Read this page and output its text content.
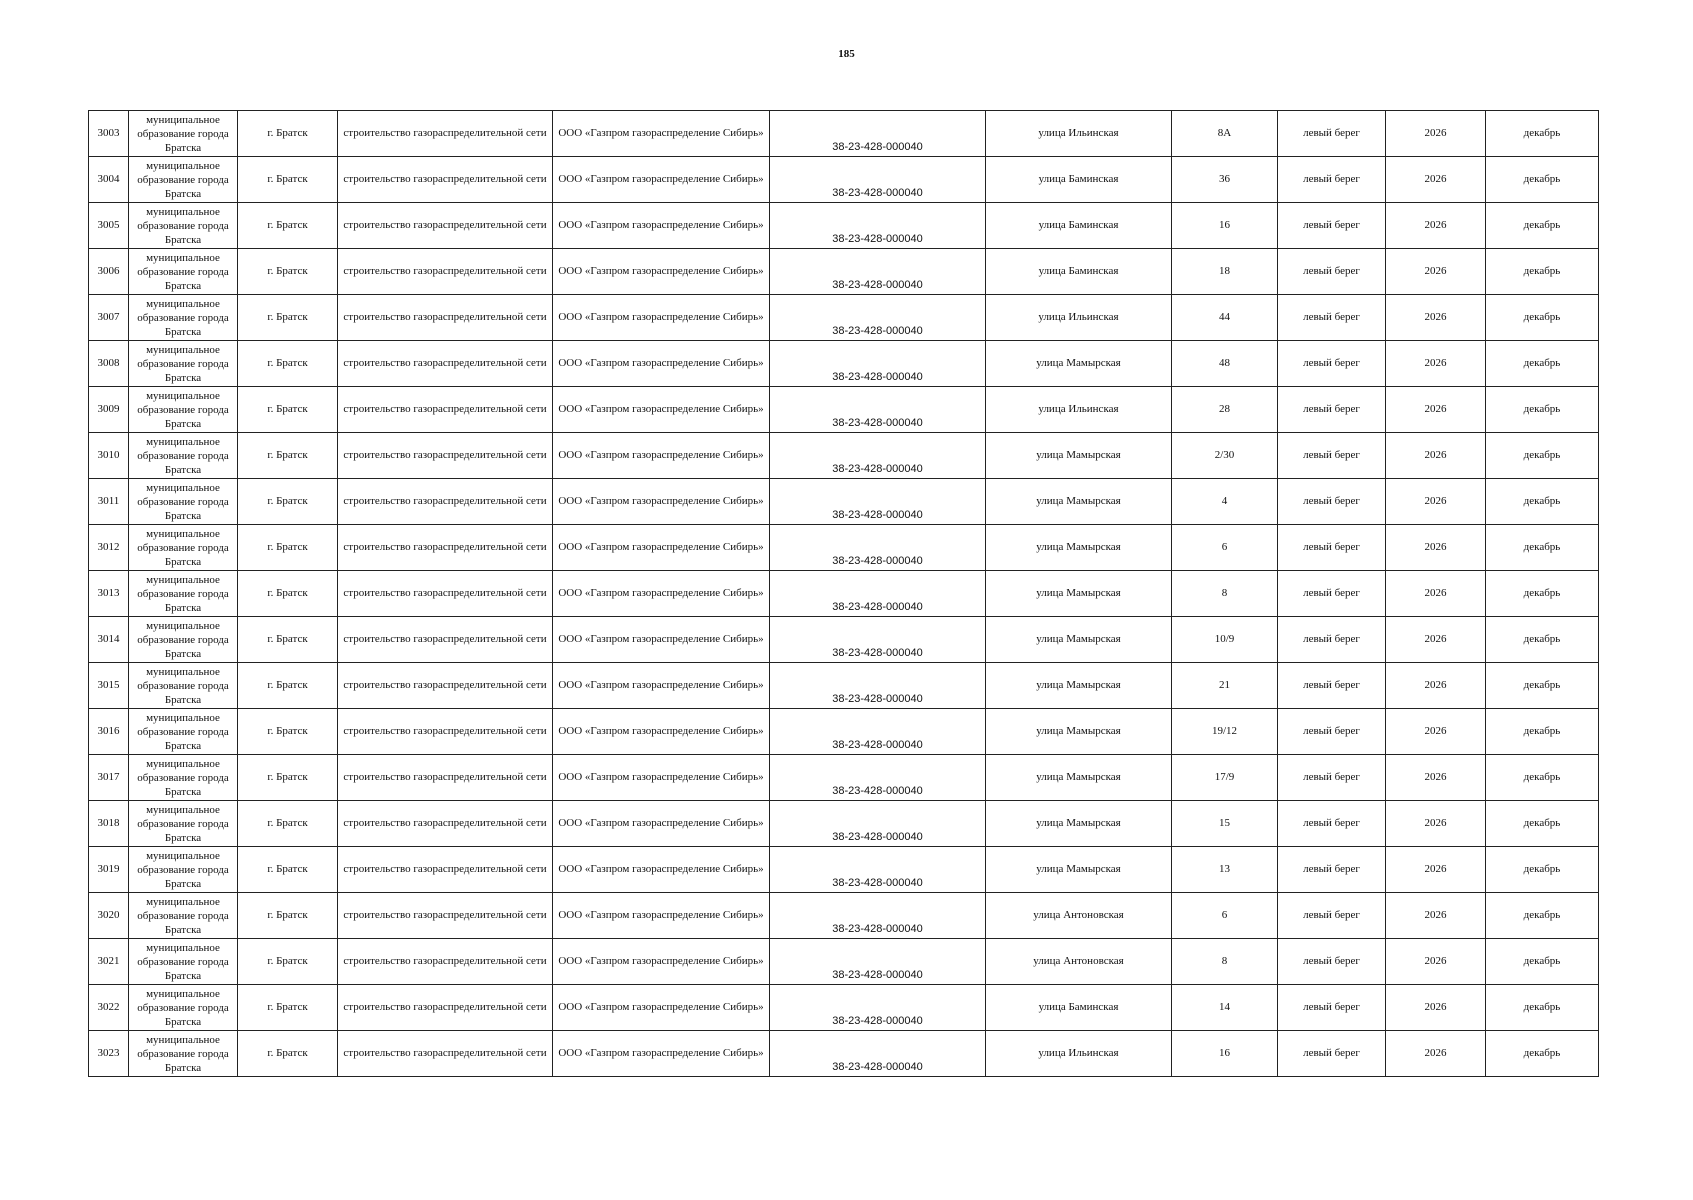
185
3003	муниципальное образование города Братска	г. Братск	строительство газораспределительной сети	ООО «Газпром газораспределение Сибирь»	38-23-428-000040	улица Ильинская	8А	левый берег	2026	декабрь
3004	муниципальное образование города Братска	г. Братск	строительство газораспределительной сети	ООО «Газпром газораспределение Сибирь»	38-23-428-000040	улица Баминская	36	левый берег	2026	декабрь
3005	муниципальное образование города Братска	г. Братск	строительство газораспределительной сети	ООО «Газпром газораспределение Сибирь»	38-23-428-000040	улица Баминская	16	левый берег	2026	декабрь
3006	муниципальное образование города Братска	г. Братск	строительство газораспределительной сети	ООО «Газпром газораспределение Сибирь»	38-23-428-000040	улица Баминская	18	левый берег	2026	декабрь
3007	муниципальное образование города Братска	г. Братск	строительство газораспределительной сети	ООО «Газпром газораспределение Сибирь»	38-23-428-000040	улица Ильинская	44	левый берег	2026	декабрь
3008	муниципальное образование города Братска	г. Братск	строительство газораспределительной сети	ООО «Газпром газораспределение Сибирь»	38-23-428-000040	улица Мамырская	48	левый берег	2026	декабрь
3009	муниципальное образование города Братска	г. Братск	строительство газораспределительной сети	ООО «Газпром газораспределение Сибирь»	38-23-428-000040	улица Ильинская	28	левый берег	2026	декабрь
3010	муниципальное образование города Братска	г. Братск	строительство газораспределительной сети	ООО «Газпром газораспределение Сибирь»	38-23-428-000040	улица Мамырская	2/30	левый берег	2026	декабрь
3011	муниципальное образование города Братска	г. Братск	строительство газораспределительной сети	ООО «Газпром газораспределение Сибирь»	38-23-428-000040	улица Мамырская	4	левый берег	2026	декабрь
3012	муниципальное образование города Братска	г. Братск	строительство газораспределительной сети	ООО «Газпром газораспределение Сибирь»	38-23-428-000040	улица Мамырская	6	левый берег	2026	декабрь
3013	муниципальное образование города Братска	г. Братск	строительство газораспределительной сети	ООО «Газпром газораспределение Сибирь»	38-23-428-000040	улица Мамырская	8	левый берег	2026	декабрь
3014	муниципальное образование города Братска	г. Братск	строительство газораспределительной сети	ООО «Газпром газораспределение Сибирь»	38-23-428-000040	улица Мамырская	10/9	левый берег	2026	декабрь
3015	муниципальное образование города Братска	г. Братск	строительство газораспределительной сети	ООО «Газпром газораспределение Сибирь»	38-23-428-000040	улица Мамырская	21	левый берег	2026	декабрь
3016	муниципальное образование города Братска	г. Братск	строительство газораспределительной сети	ООО «Газпром газораспределение Сибирь»	38-23-428-000040	улица Мамырская	19/12	левый берег	2026	декабрь
3017	муниципальное образование города Братска	г. Братск	строительство газораспределительной сети	ООО «Газпром газораспределение Сибирь»	38-23-428-000040	улица Мамырская	17/9	левый берег	2026	декабрь
3018	муниципальное образование города Братска	г. Братск	строительство газораспределительной сети	ООО «Газпром газораспределение Сибирь»	38-23-428-000040	улица Мамырская	15	левый берег	2026	декабрь
3019	муниципальное образование города Братска	г. Братск	строительство газораспределительной сети	ООО «Газпром газораспределение Сибирь»	38-23-428-000040	улица Мамырская	13	левый берег	2026	декабрь
3020	муниципальное образование города Братска	г. Братск	строительство газораспределительной сети	ООО «Газпром газораспределение Сибирь»	38-23-428-000040	улица Антоновская	6	левый берег	2026	декабрь
3021	муниципальное образование города Братска	г. Братск	строительство газораспределительной сети	ООО «Газпром газораспределение Сибирь»	38-23-428-000040	улица Антоновская	8	левый берег	2026	декабрь
3022	муниципальное образование города Братска	г. Братск	строительство газораспределительной сети	ООО «Газпром газораспределение Сибирь»	38-23-428-000040	улица Баминская	14	левый берег	2026	декабрь
3023	муниципальное образование города Братска	г. Братск	строительство газораспределительной сети	ООО «Газпром газораспределение Сибирь»	38-23-428-000040	улица Ильинская	16	левый берег	2026	декабрь
